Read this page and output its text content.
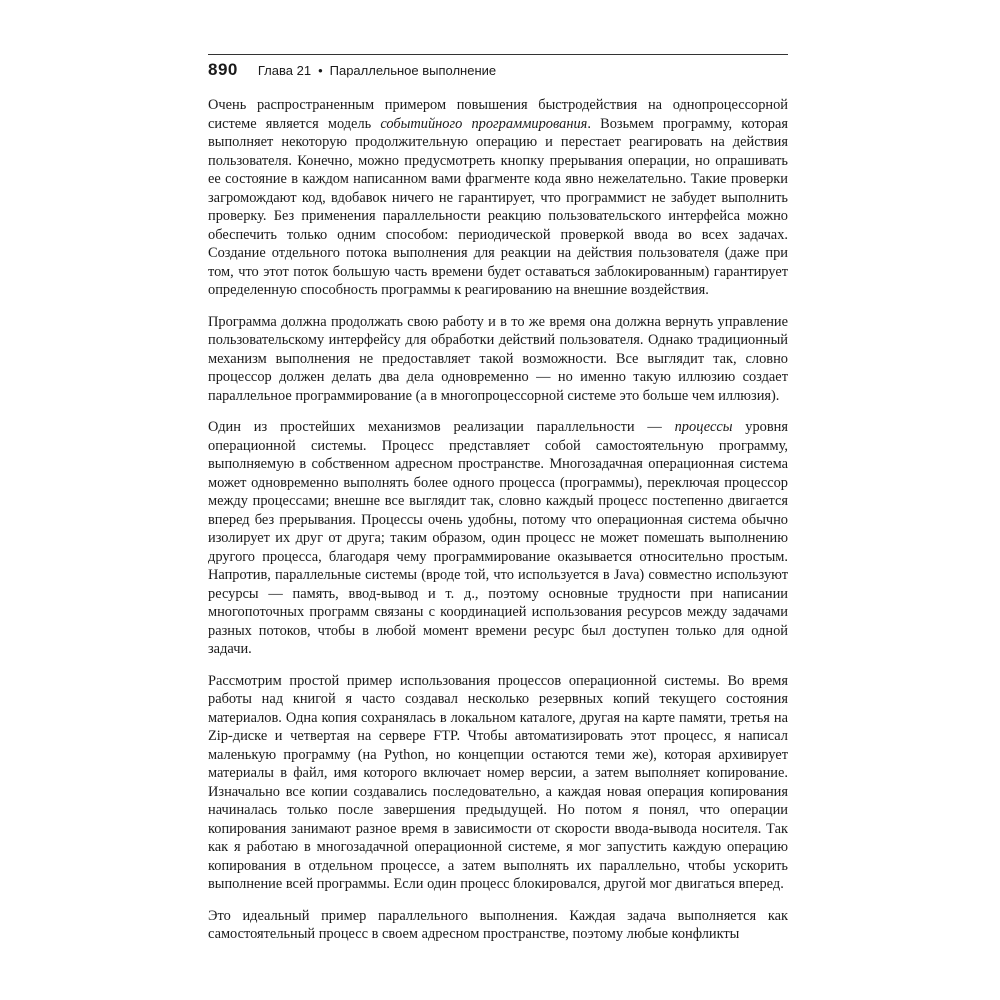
890 Глава 21 • Параллельное выполнение

Очень распространенным примером повышения быстродействия на однопроцессорной системе является модель событийного программирования. Возьмем программу, которая выполняет некоторую продолжительную операцию и перестает реагировать на действия пользователя. Конечно, можно предусмотреть кнопку прерывания операции, но опрашивать ее состояние в каждом написанном вами фрагменте кода явно нежелательно. Такие проверки загромождают код, вдобавок ничего не гарантирует, что программист не забудет выполнить проверку. Без применения параллельности реакцию пользовательского интерфейса можно обеспечить только одним способом: периодической проверкой ввода во всех задачах. Создание отдельного потока выполнения для реакции на действия пользователя (даже при том, что этот поток большую часть времени будет оставаться заблокированным) гарантирует определенную способность программы к реагированию на внешние воздействия.

Программа должна продолжать свою работу и в то же время она должна вернуть управление пользовательскому интерфейсу для обработки действий пользователя. Однако традиционный механизм выполнения не предоставляет такой возможности. Все выглядит так, словно процессор должен делать два дела одновременно — но именно такую иллюзию создает параллельное программирование (а в многопроцессорной системе это больше чем иллюзия).

Один из простейших механизмов реализации параллельности — процессы уровня операционной системы. Процесс представляет собой самостоятельную программу, выполняемую в собственном адресном пространстве. Многозадачная операционная система может одновременно выполнять более одного процесса (программы), переключая процессор между процессами; внешне все выглядит так, словно каждый процесс постепенно двигается вперед без прерывания. Процессы очень удобны, потому что операционная система обычно изолирует их друг от друга; таким образом, один процесс не может помешать выполнению другого процесса, благодаря чему программирование оказывается относительно простым. Напротив, параллельные системы (вроде той, что используется в Java) совместно используют ресурсы — память, ввод-вывод и т. д., поэтому основные трудности при написании многопоточных программ связаны с координацией использования ресурсов между задачами разных потоков, чтобы в любой момент времени ресурс был доступен только для одной задачи.

Рассмотрим простой пример использования процессов операционной системы. Во время работы над книгой я часто создавал несколько резервных копий текущего состояния материалов. Одна копия сохранялась в локальном каталоге, другая на карте памяти, третья на Zip-диске и четвертая на сервере FTP. Чтобы автоматизировать этот процесс, я написал маленькую программу (на Python, но концепции остаются теми же), которая архивирует материалы в файл, имя которого включает номер версии, а затем выполняет копирование. Изначально все копии создавались последовательно, а каждая новая операция копирования начиналась только после завершения предыдущей. Но потом я понял, что операции копирования занимают разное время в зависимости от скорости ввода-вывода носителя. Так как я работаю в многозадачной операционной системе, я мог запустить каждую операцию копирования в отдельном процессе, а затем выполнять их параллельно, чтобы ускорить выполнение всей программы. Если один процесс блокировался, другой мог двигаться вперед.

Это идеальный пример параллельного выполнения. Каждая задача выполняется как самостоятельный процесс в своем адресном пространстве, поэтому любые конфликты
